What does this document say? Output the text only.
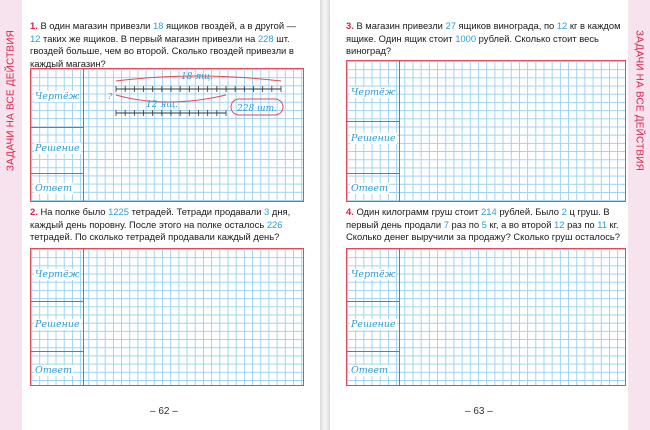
ЗАДАЧИ НА ВСЕ ДЕЙСТВИЯ
1. В один магазин привезли 18 ящиков гвоздей, а в другой — 12 таких же ящиков. В первый магазин привезли на 228 шт. гвоздей больше, чем во второй. Сколько гвоздей привезли в каждый магазин?
Чертёж
Решение
Ответ
18 ящ.
12 ящ.	228 шт.
?
2. На полке было 1225 тетрадей. Тетради продавали 3 дня, каждый день поровну. После этого на полке осталось 226 тетрадей. По сколько тетрадей продавали каждый день?
Чертёж
Решение
Ответ
– 62 –
ЗАДАЧИ НА ВСЕ ДЕЙСТВИЯ
3. В магазин привезли 27 ящиков винограда, по 12 кг в каждом ящике. Один ящик стоит 1000 рублей. Сколько стоит весь виноград?
Чертёж
Решение
Ответ
4. Один килограмм груш стоит 214 рублей. Было 2 ц груш. В первый день продали 7 раз по 5 кг, а во второй 12 раз по 11 кг. Сколько денег выручили за продажу? Сколько груш осталось?
Чертёж
Решение
Ответ
– 63 –
